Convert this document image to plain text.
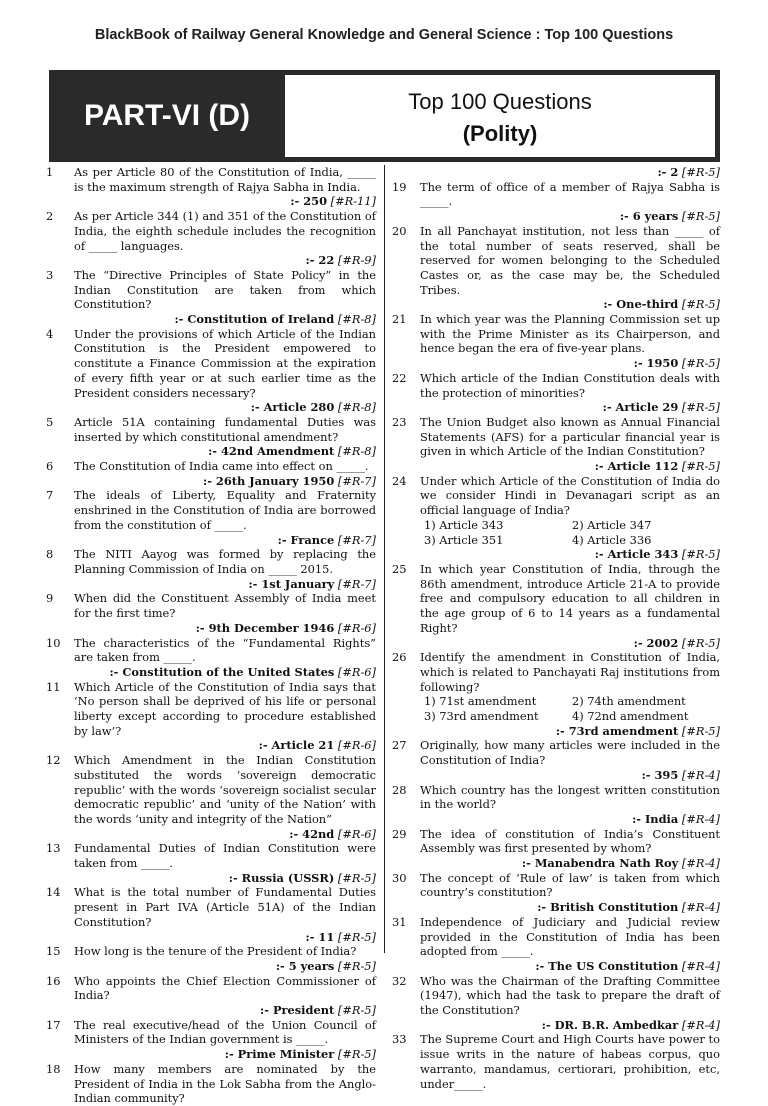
BlackBook of Railway General Knowledge and General Science : Top 100 Questions
PART-VI (D)	Top 100 Questions
(Polity)
1 As per Article 80 of the Constitution of India, _____ is the maximum strength of Rajya Sabha in India.
:- 250 [#R-11]
2 As per Article 344 (1) and 351 of the Constitution of India, the eighth schedule includes the recognition of _____ languages.
:- 22 [#R-9]
3 The “Directive Principles of State Policy” in the Indian Constitution are taken from which Constitution?
:- Constitution of Ireland [#R-8]
4 Under the provisions of which Article of the Indian Constitution is the President empowered to constitute a Finance Commission at the expiration of every fifth year or at such earlier time as the President considers necessary?
:- Article 280 [#R-8]
5 Article 51A containing fundamental Duties was inserted by which constitutional amendment?
:- 42nd Amendment [#R-8]
6 The Constitution of India came into effect on _____.
:- 26th January 1950 [#R-7]
7 The ideals of Liberty, Equality and Fraternity enshrined in the Constitution of India are borrowed from the constitution of _____.
:- France [#R-7]
8 The NITI Aayog was formed by replacing the Planning Commission of India on _____ 2015.
:- 1st January [#R-7]
9 When did the Constituent Assembly of India meet for the first time?
:- 9th December 1946 [#R-6]
10 The characteristics of the “Fundamental Rights” are taken from _____.
:- Constitution of the United States [#R-6]
11 Which Article of the Constitution of India says that ‘No person shall be deprived of his life or personal liberty except according to procedure established by law’?
:- Article 21 [#R-6]
12 Which Amendment in the Indian Constitution substituted the words ‘sovereign democratic republic’ with the words ‘sovereign socialist secular democratic republic’ and ‘unity of the Nation’ with the words ‘unity and integrity of the Nation”
:- 42nd [#R-6]
13 Fundamental Duties of Indian Constitution were taken from _____.
:- Russia (USSR) [#R-5]
14 What is the total number of Fundamental Duties present in Part IVA (Article 51A) of the Indian Constitution?
:- 11 [#R-5]
15 How long is the tenure of the President of India?
:- 5 years [#R-5]
16 Who appoints the Chief Election Commissioner of India?
:- President [#R-5]
17 The real executive/head of the Union Council of Ministers of the Indian government is _____.
:- Prime Minister [#R-5]
18 How many members are nominated by the President of India in the Lok Sabha from the Anglo-Indian community?
:- 2 [#R-5]
19 The term of office of a member of Rajya Sabha is _____.
:- 6 years [#R-5]
20 In all Panchayat institution, not less than _____ of the total number of seats reserved, shall be reserved for women belonging to the Scheduled Castes or, as the case may be, the Scheduled Tribes.
:- One-third [#R-5]
21 In which year was the Planning Commission set up with the Prime Minister as its Chairperson, and hence began the era of five-year plans.
:- 1950 [#R-5]
22 Which article of the Indian Constitution deals with the protection of minorities?
:- Article 29 [#R-5]
23 The Union Budget also known as Annual Financial Statements (AFS) for a particular financial year is given in which Article of the Indian Constitution?
:- Article 112 [#R-5]
24 Under which Article of the Constitution of India do we consider Hindi in Devanagari script as an official language of India?
1) Article 343	2) Article 347
3) Article 351	4) Article 336
:- Article 343 [#R-5]
25 In which year Constitution of India, through the 86th amendment, introduce Article 21-A to provide free and compulsory education to all children in the age group of 6 to 14 years as a fundamental Right?
:- 2002 [#R-5]
26 Identify the amendment in Constitution of India, which is related to Panchayati Raj institutions from following?
1) 71st amendment	2) 74th amendment
3) 73rd amendment	4) 72nd amendment
:- 73rd amendment [#R-5]
27 Originally, how many articles were included in the Constitution of India?
:- 395 [#R-4]
28 Which country has the longest written constitution in the world?
:- India [#R-4]
29 The idea of constitution of India’s Constituent Assembly was first presented by whom?
:- Manabendra Nath Roy [#R-4]
30 The concept of ‘Rule of law’ is taken from which country’s constitution?
:- British Constitution [#R-4]
31 Independence of Judiciary and Judicial review provided in the Constitution of India has been adopted from _____.
:- The US Constitution [#R-4]
32 Who was the Chairman of the Drafting Committee (1947), which had the task to prepare the draft of the Constitution?
:- DR. B.R. Ambedkar [#R-4]
33 The Supreme Court and High Courts have power to issue writs in the nature of habeas corpus, quo warranto, mandamus, certiorari, prohibition, etc, under_____.
